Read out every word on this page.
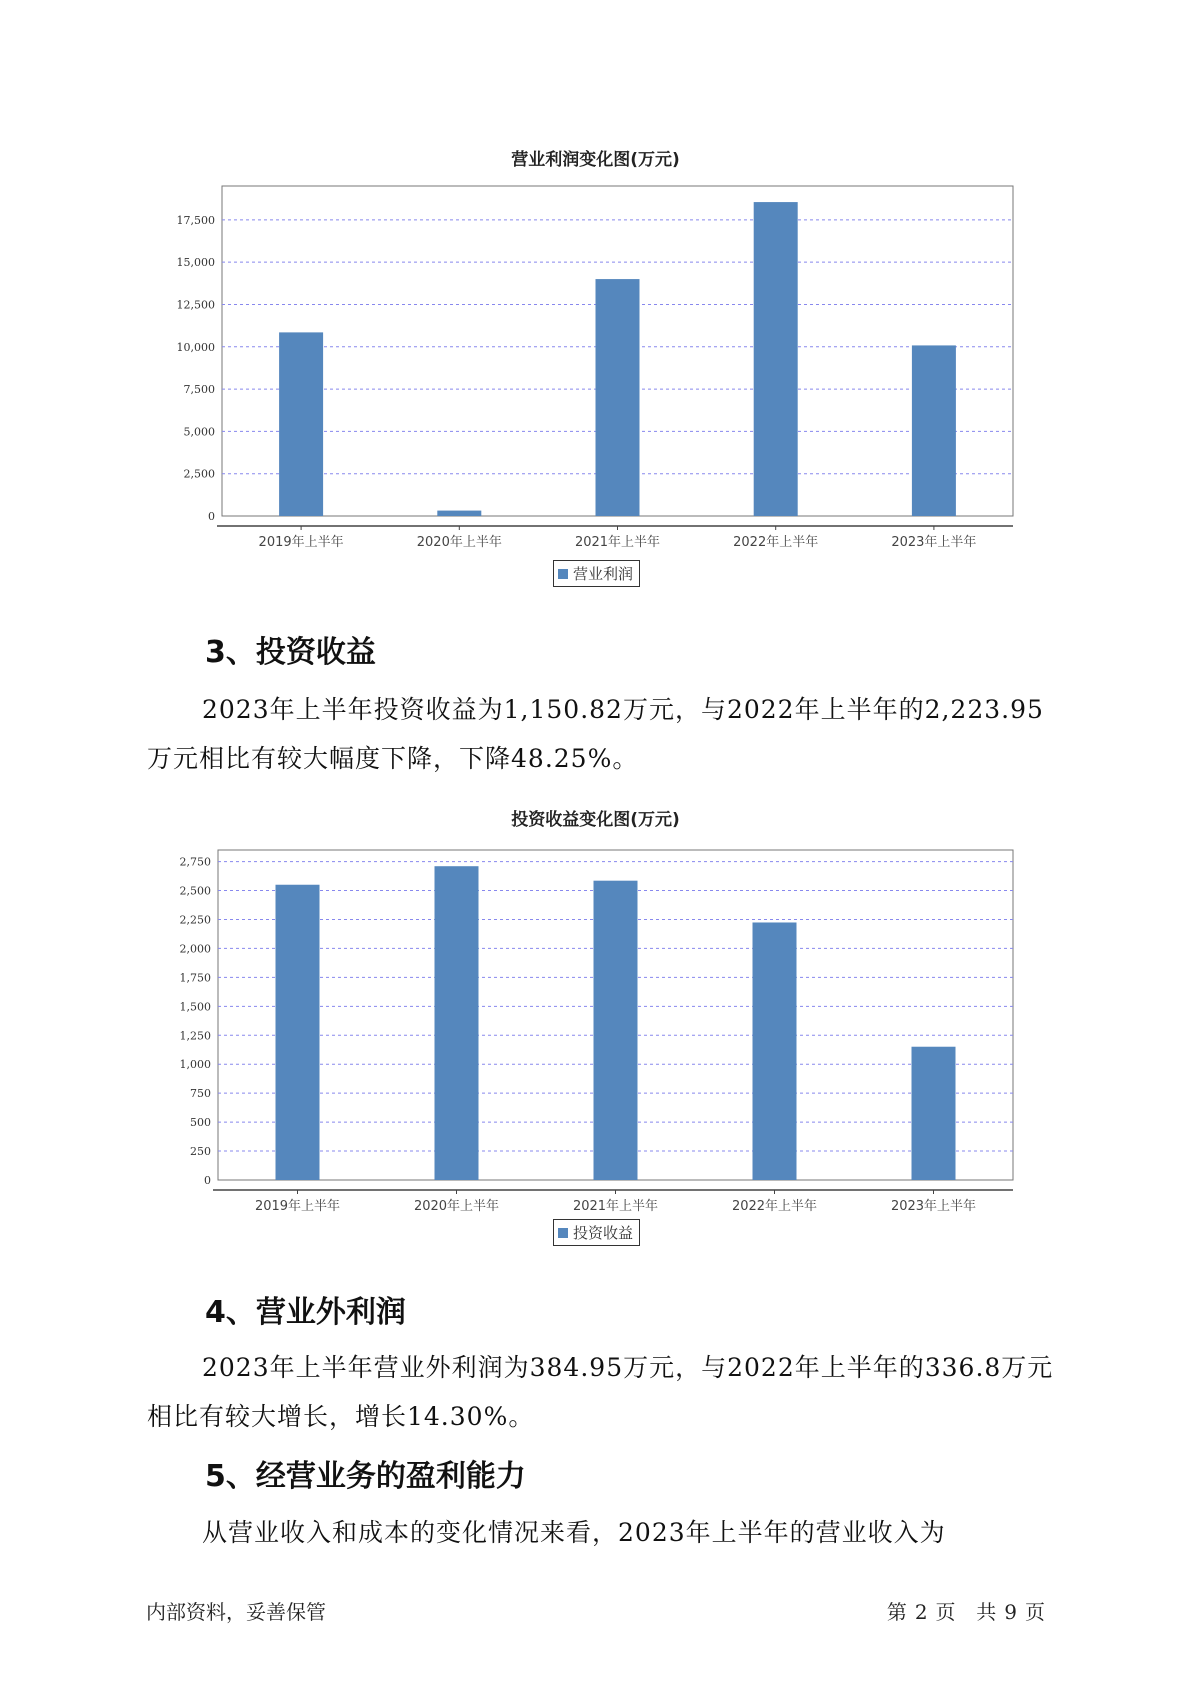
营业利润变化图(万元)
0
2,500
5,000
7,500
10,000
12,500
15,000
17,500
2019年上半年	2020年上半年	2021年上半年	2022年上半年	2023年上半年
营业利润
3、投资收益

2023年上半年投资收益为1,150.82万元，与2022年上半年的2,223.95
万元相比有较大幅度下降，下降48.25%。

投资收益变化图(万元)
0
250
500
750
1,000
1,250
1,500
1,750
2,000
2,250
2,500
2,750
2019年上半年	2020年上半年	2021年上半年	2022年上半年	2023年上半年
投资收益
4、营业外利润

2023年上半年营业外利润为384.95万元，与2022年上半年的336.8万元
相比有较大增长，增长14.30%。

5、经营业务的盈利能力

从营业收入和成本的变化情况来看，2023年上半年的营业收入为

内部资料，妥善保管	第 2 页 共 9 页
